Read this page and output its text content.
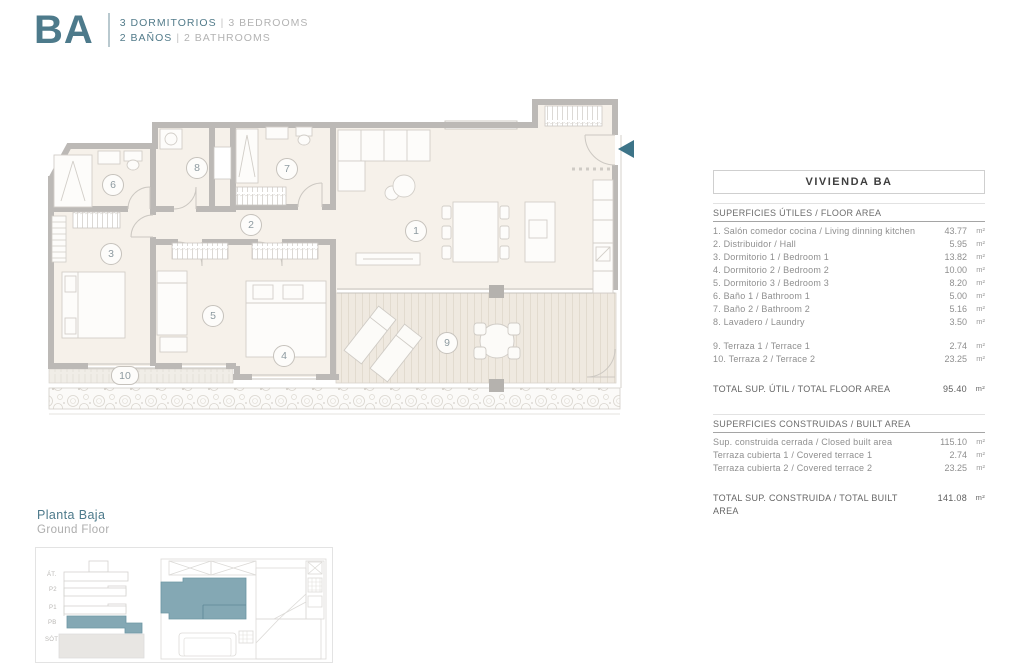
BA 3 DORMITORIOS | 3 BEDROOMS
2 BAÑOS | 2 BATHROOMS
1
2
3
4
5
6
7
8
9
10
VIVIENDA BA
SUPERFICIES ÚTILES / FLOOR AREA
1. Salón comedor cocina / Living dinning kitchen	43.77	m²
2. Distribuidor / Hall	5.95	m²
3. Dormitorio 1 / Bedroom 1	13.82	m²
4. Dormitorio 2 / Bedroom 2	10.00	m²
5. Dormitorio 3 / Bedroom 3	8.20	m²
6. Baño 1 / Bathroom 1	5.00	m²
7. Baño 2 / Bathroom 2	5.16	m²
8. Lavadero / Laundry	3.50	m²
9. Terraza 1 / Terrace 1	2.74	m²
10. Terraza 2 / Terrace 2	23.25	m²
TOTAL SUP. ÚTIL / TOTAL FLOOR AREA	95.40	m²
SUPERFICIES CONSTRUIDAS / BUILT AREA
Sup. construida cerrada / Closed built area	115.10	m²
Terraza cubierta 1 / Covered terrace 1	2.74	m²
Terraza cubierta 2 / Covered terrace 2	23.25	m²
TOTAL SUP. CONSTRUIDA / TOTAL BUILT AREA
141.08	m²
Planta Baja
Ground Floor
ÁT.
P2
P1
PB
SÓT
